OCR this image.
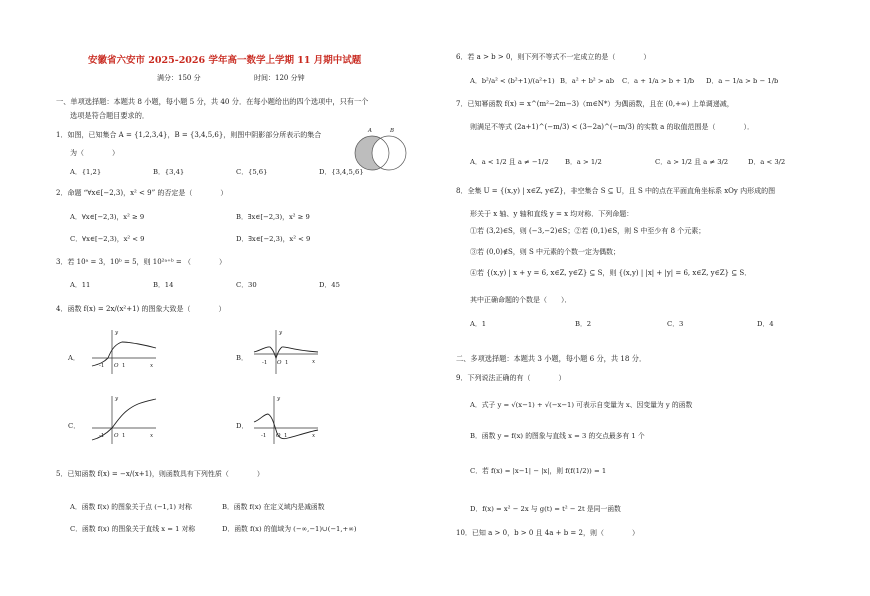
安徽省六安市 2025-2026 学年高一数学上学期 11 月期中试题
满分：150 分	时间：120 分钟
一、单项选择题：本题共 8 小题，每小题 5 分，共 40 分．在每小题给出的四个选项中，只有一个
选项是符合题目要求的．
1．如图，已知集合 A = {1,2,3,4}，B = {3,4,5,6}，则图中阴影部分所表示的集合
为（　　　　）
A	B
A．{1,2}	B．{3,4}	C．{5,6}	D．{3,4,5,6}
2．命题 “∀x∈[−2,3)，x² < 9” 的否定是（　　　　）
A．∀x∈[−2,3)，x² ≥ 9	B．∃x∈[−2,3)，x² ≥ 9
C．∀x∈[−2,3)，x² < 9	D．∃x∈[−2,3)，x² < 9
3．若 10ᵃ = 3，10ᵇ = 5，则 10²ᵃ⁺ᵇ = （　　　　）
A．11	B．14	C．30	D．45
4．函数 f(x) = 2x/(x²+1) 的图象大致是（　　　　）
A．
-1 O 1	x
y
B．
-1 O 1	x
y
C．
-1 O 1	x
y
D．
-1 O 1	x
y
5．已知函数 f(x) = −x/(x+1)，则函数具有下列性质（　　　　）
A．函数 f(x) 的图象关于点 (−1,1) 对称	B．函数 f(x) 在定义域内是减函数
C．函数 f(x) 的图象关于直线 x = 1 对称	D．函数 f(x) 的值域为 (−∞,−1)∪(−1,+∞)
6．若 a > b > 0，则下列不等式不一定成立的是（　　　　）
A．b²/a² < (b²+1)/(a²+1) B．a² + b² > ab C．a + 1/a > b + 1/b D．a − 1/a > b − 1/b
7．已知幂函数 f(x) = x^(m²−2m−3)（m∈N*）为偶函数，且在 (0,+∞) 上单调递减，
则满足不等式 (2a+1)^(−m/3) < (3−2a)^(−m/3) 的实数 a 的取值范围是（　　　　）．
A．a < 1/2 且 a ≠ −1/2 B．a > 1/2	C．a > 1/2 且 a ≠ 3/2	D．a < 3/2
8．全集 U = {(x,y) | x∈Z, y∈Z}，非空集合 S ⊆ U，且 S 中的点在平面直角坐标系 xOy 内形成的图
形关于 x 轴、y 轴和直线 y = x 均对称．下列命题：
①若 (3,2)∈S，则 (−3,−2)∈S；②若 (0,1)∈S，则 S 中至少有 8 个元素；
③若 (0,0)∉S，则 S 中元素的个数一定为偶数；
④若 {(x,y) | x + y = 6, x∈Z, y∈Z} ⊆ S，则 {(x,y) | |x| + |y| = 6, x∈Z, y∈Z} ⊆ S．
其中正确命题的个数是（　　）．
A．1	B．2	C．3	D．4
二、多项选择题：本题共 3 小题，每小题 6 分，共 18 分．
9．下列说法正确的有（　　　　）
A．式子 y = √(x−1) + √(−x−1) 可表示自变量为 x、因变量为 y 的函数
B．函数 y = f(x) 的图象与直线 x = 3 的交点最多有 1 个
C．若 f(x) = |x−1| − |x|，则 f(f(1/2)) = 1
D．f(x) = x² − 2x 与 g(t) = t² − 2t 是同一函数
10．已知 a > 0，b > 0 且 4a + b = 2，则（　　　　）
